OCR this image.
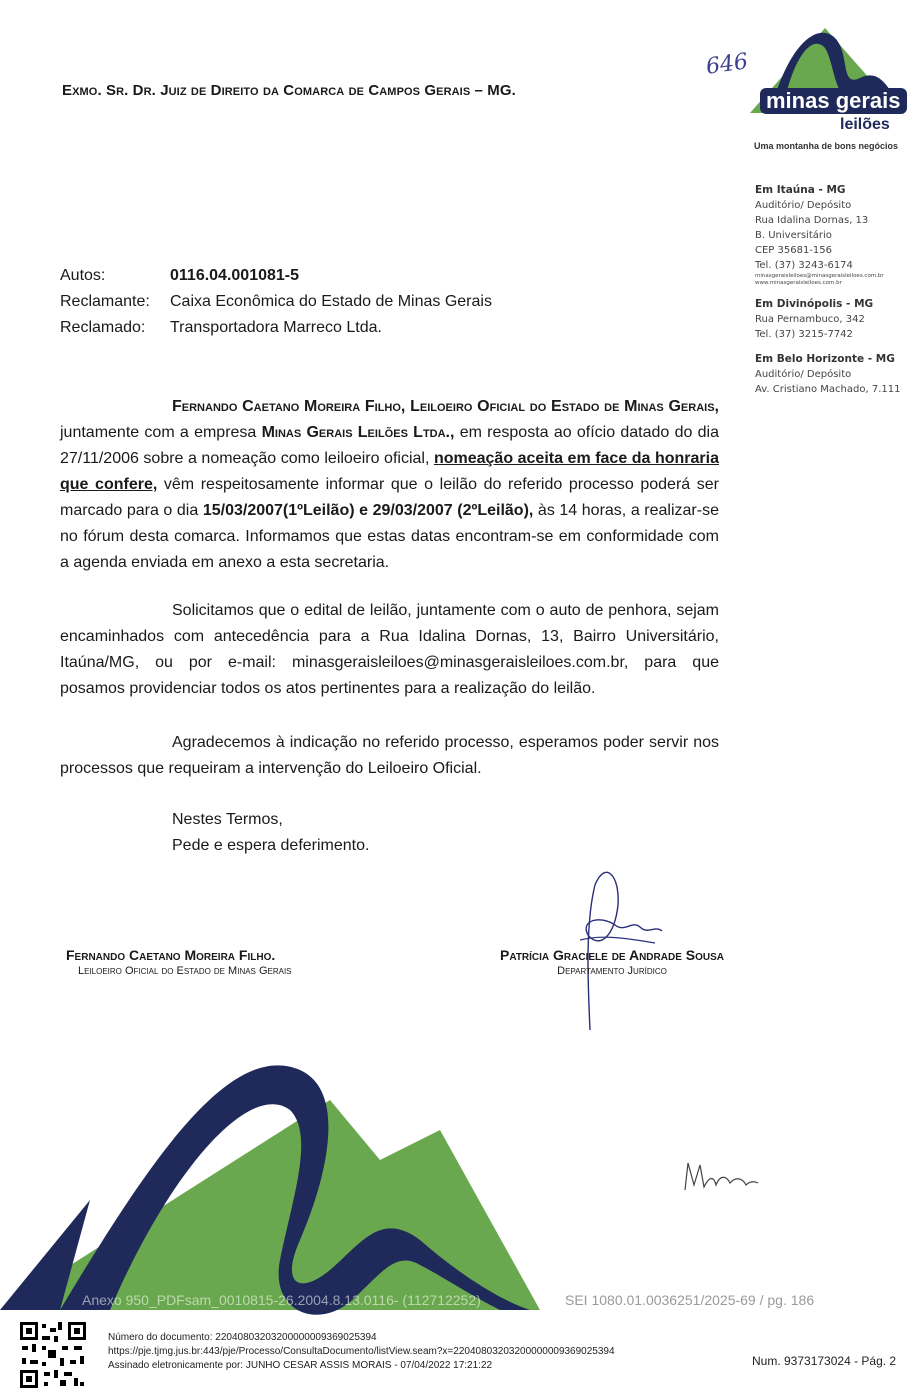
Exmo. Sr. Dr. Juiz de Direito da Comarca de Campos Gerais – MG.
646
minas gerais
leilões
Uma montanha de bons negócios
Em Itaúna - MG
Auditório/ Depósito
Rua Idalina Dornas, 13
B. Universitário
CEP 35681-156
Tel. (37) 3243-6174
minasgeraisleiloes@minasgeraisleiloes.com.br
www.minasgeraisleiloes.com.br
Em Divinópolis - MG
Rua Pernambuco, 342
Tel. (37) 3215-7742
Em Belo Horizonte - MG
Auditório/ Depósito
Av. Cristiano Machado, 7.111
Autos:	0116.04.001081-5
Reclamante:	Caixa Econômica do Estado de Minas Gerais
Reclamado:	Transportadora Marreco Ltda.
Fernando Caetano Moreira Filho, Leiloeiro Oficial do Estado de Minas Gerais, juntamente com a empresa Minas Gerais Leilões Ltda., em resposta ao ofício datado do dia 27/11/2006 sobre a nomeação como leiloeiro oficial, nomeação aceita em face da honraria que confere, vêm respeitosamente informar que o leilão do referido processo poderá ser marcado para o dia 15/03/2007(1ºLeilão) e 29/03/2007 (2ºLeilão), às 14 horas, a realizar-se no fórum desta comarca. Informamos que estas datas encontram-se em conformidade com a agenda enviada em anexo a esta secretaria.
Solicitamos que o edital de leilão, juntamente com o auto de penhora, sejam encaminhados com antecedência para a Rua Idalina Dornas, 13, Bairro Universitário, Itaúna/MG, ou por e-mail: minasgeraisleiloes@minasgeraisleiloes.com.br, para que posamos providenciar todos os atos pertinentes para a realização do leilão.
Agradecemos à indicação no referido processo, esperamos poder servir nos processos que requeiram a intervenção do Leiloeiro Oficial.
Nestes Termos,
Pede e espera deferimento.
Fernando Caetano Moreira Filho.
Leiloeiro Oficial do Estado de Minas Gerais
Patrícia Graciele de Andrade Sousa
Departamento Jurídico
Anexo 950_PDFsam_0010815-26.2004.8.13.0116- (112712252)	SEI 1080.01.0036251/2025-69 / pg. 186
Número do documento: 22040803203200000009369025394
https://pje.tjmg.jus.br:443/pje/Processo/ConsultaDocumento/listView.seam?x=22040803203200000009369025394
Assinado eletronicamente por: JUNHO CESAR ASSIS MORAIS - 07/04/2022 17:21:22	Num. 9373173024 - Pág. 2
